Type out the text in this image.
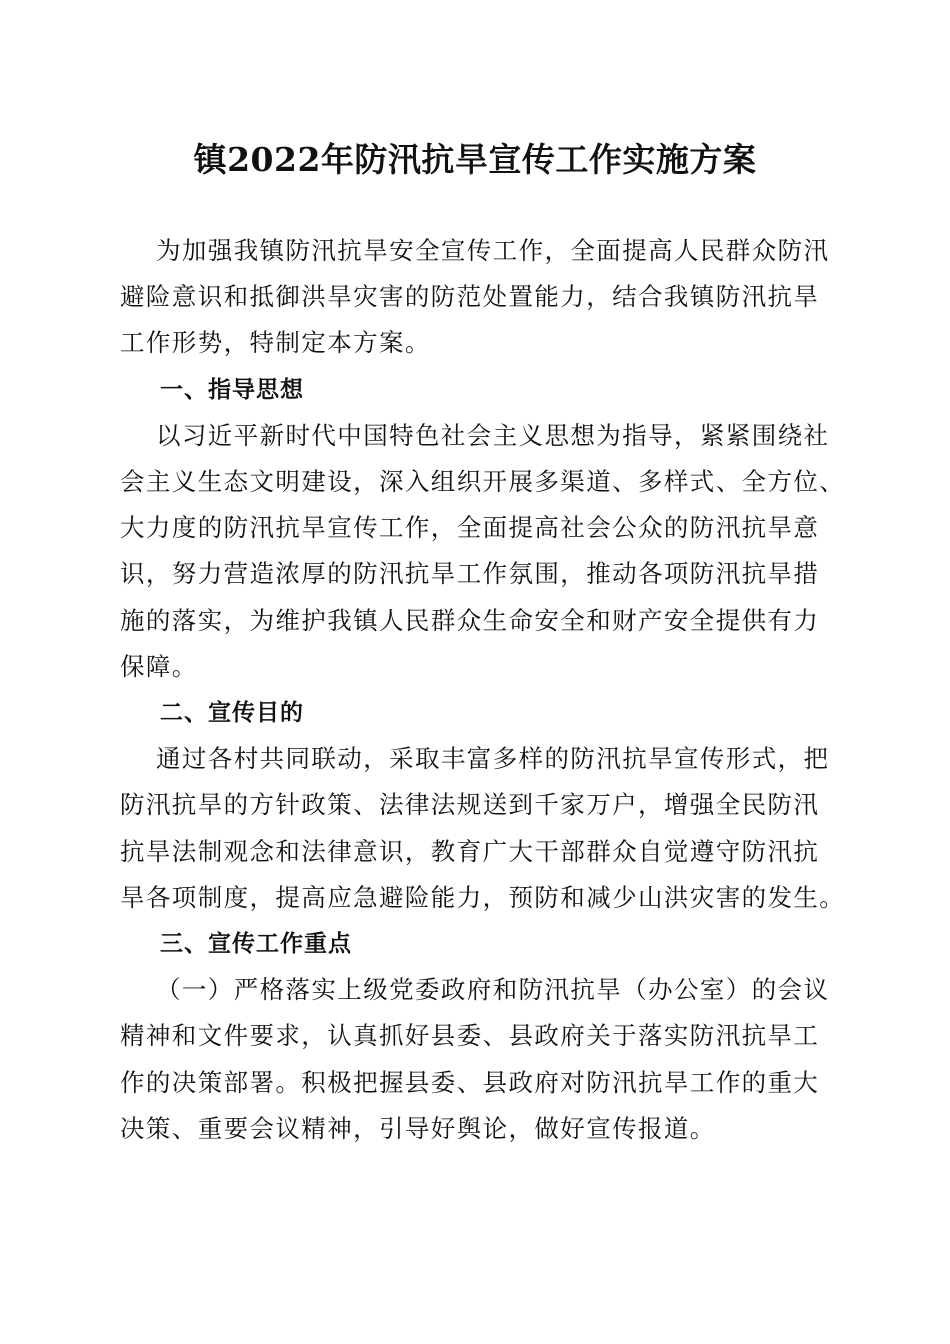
镇2022年防汛抗旱宣传工作实施方案

为加强我镇防汛抗旱安全宣传工作，全面提高人民群众防汛
避险意识和抵御洪旱灾害的防范处置能力，结合我镇防汛抗旱
工作形势，特制定本方案。

一、指导思想

以习近平新时代中国特色社会主义思想为指导，紧紧围绕社
会主义生态文明建设，深入组织开展多渠道、多样式、全方位、
大力度的防汛抗旱宣传工作，全面提高社会公众的防汛抗旱意
识，努力营造浓厚的防汛抗旱工作氛围，推动各项防汛抗旱措
施的落实，为维护我镇人民群众生命安全和财产安全提供有力
保障。

二、宣传目的

通过各村共同联动，采取丰富多样的防汛抗旱宣传形式，把
防汛抗旱的方针政策、法律法规送到千家万户，增强全民防汛
抗旱法制观念和法律意识，教育广大干部群众自觉遵守防汛抗
旱各项制度，提高应急避险能力，预防和减少山洪灾害的发生。

三、宣传工作重点

（一）严格落实上级党委政府和防汛抗旱（办公室）的会议
精神和文件要求，认真抓好县委、县政府关于落实防汛抗旱工
作的决策部署。积极把握县委、县政府对防汛抗旱工作的重大
决策、重要会议精神，引导好舆论，做好宣传报道。
